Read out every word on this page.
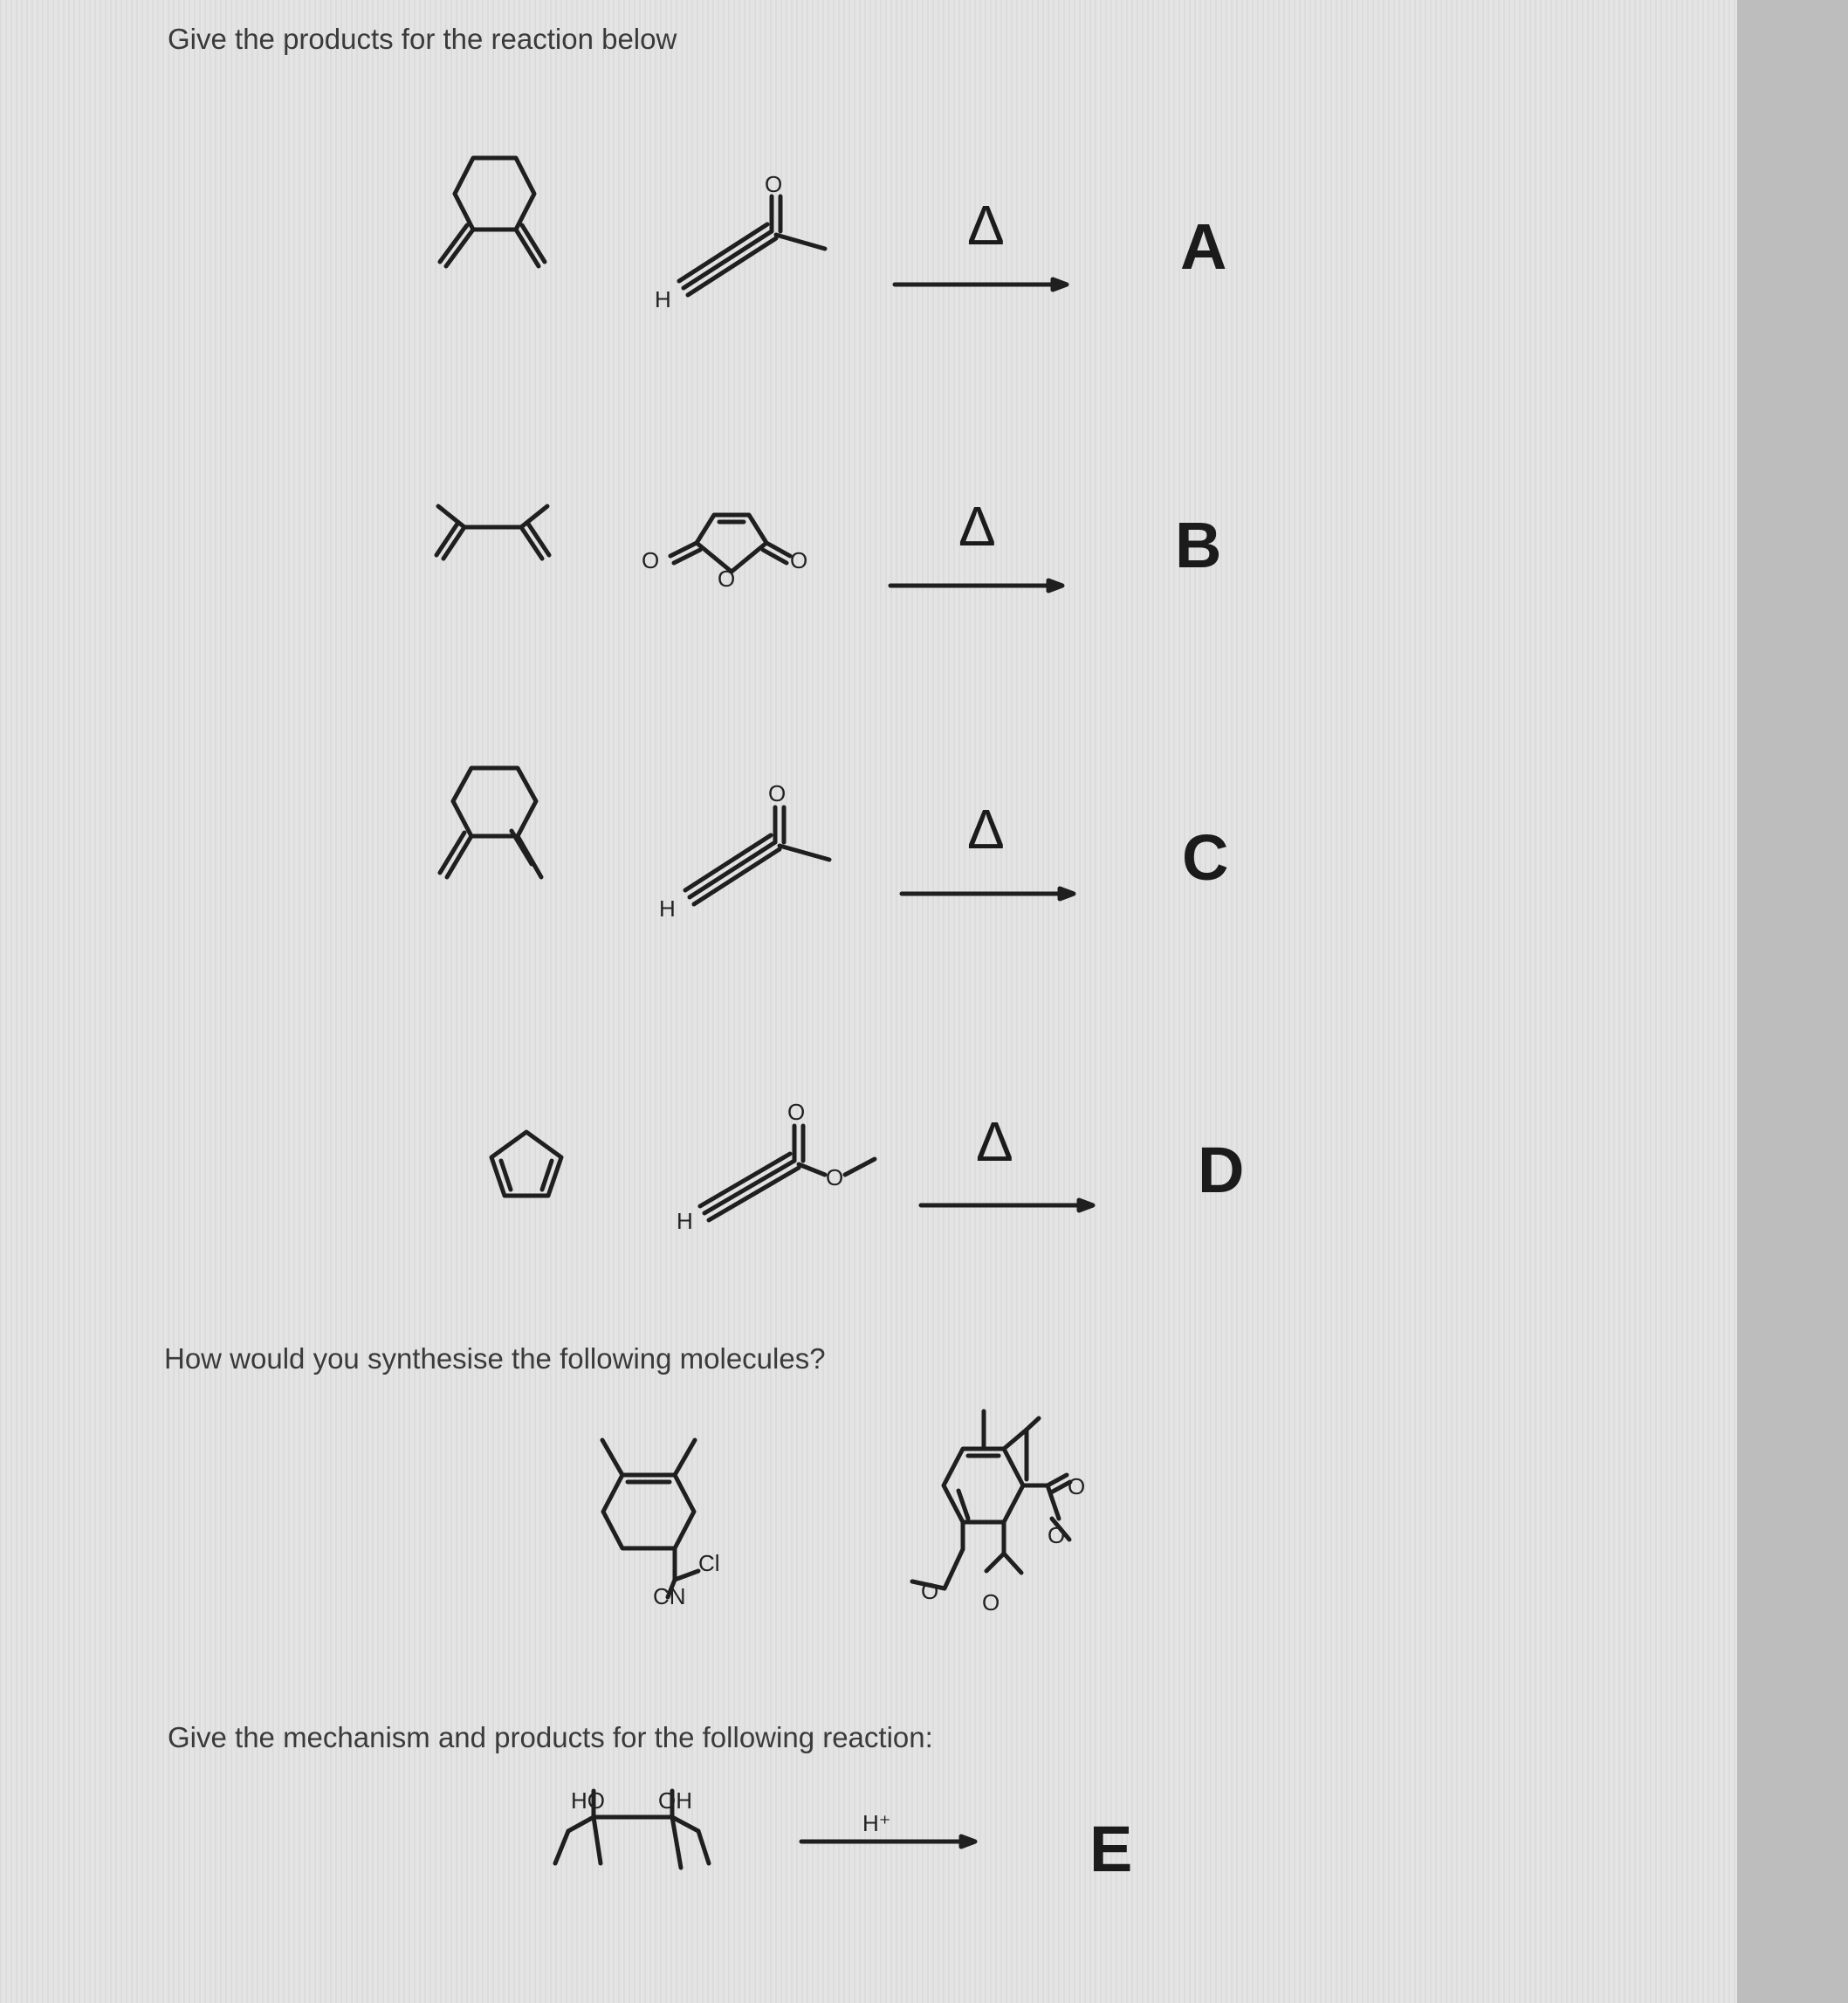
Give the products for the reaction below
H
O
Δ
O
O
O
Δ
H
O
Δ
H
O
O
Δ
Cl
CN
O
O
O O
HO OH
H⁺
A
B
C
D
E
How would you synthesise the following molecules?
Give the mechanism and products for the following reaction:
